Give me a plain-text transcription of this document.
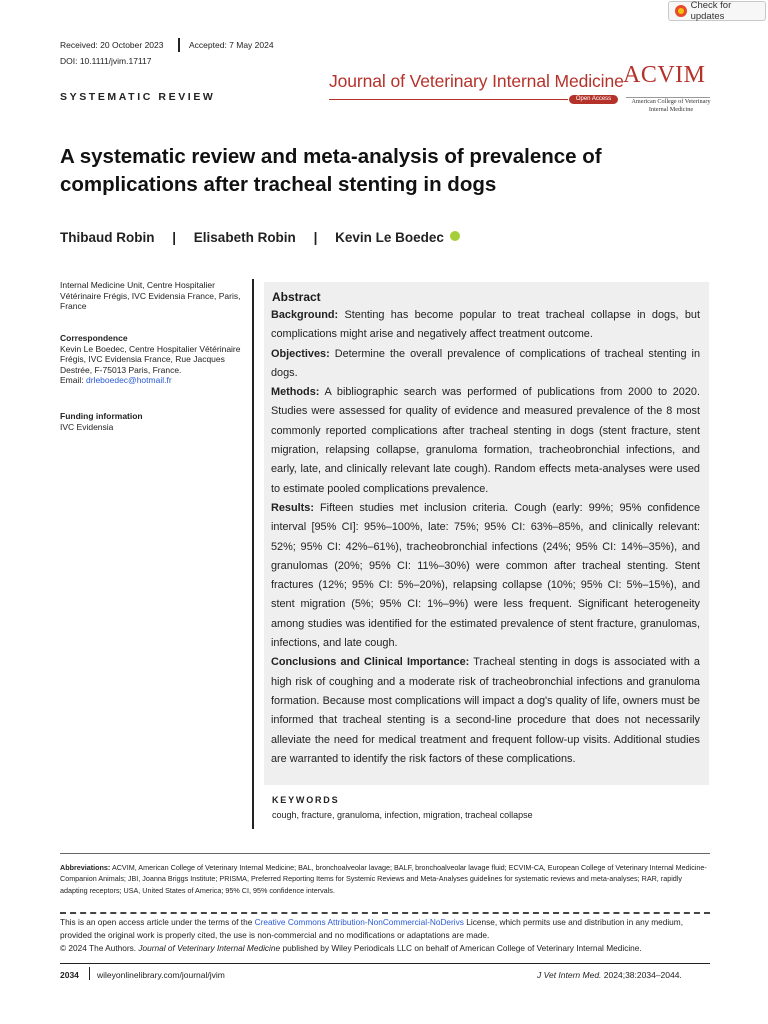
Check for updates
Received: 20 October 2023	Accepted: 7 May 2024
DOI: 10.1111/jvim.17117
Journal of Veterinary Internal Medicine
Open Access
ACVIM
American College of Veterinary Internal Medicine
SYSTEMATIC REVIEW
A systematic review and meta-analysis of prevalence of complications after tracheal stenting in dogs
Thibaud Robin | Elisabeth Robin | Kevin Le Boedec
Internal Medicine Unit, Centre Hospitalier Vétérinaire Frégis, IVC Evidensia France, Paris, France
Correspondence
Kevin Le Boedec, Centre Hospitalier Vétérinaire Frégis, IVC Evidensia France, Rue Jacques Destrée, F-75013 Paris, France.
Email: drleboedec@hotmail.fr
Funding information
IVC Evidensia
Abstract

Background: Stenting has become popular to treat tracheal collapse in dogs, but complications might arise and negatively affect treatment outcome.

Objectives: Determine the overall prevalence of complications of tracheal stenting in dogs.

Methods: A bibliographic search was performed of publications from 2000 to 2020. Studies were assessed for quality of evidence and measured prevalence of the 8 most commonly reported complications after tracheal stenting in dogs (stent fracture, stent migration, relapsing collapse, granuloma formation, tracheobronchial infections, and early, late, and clinically relevant late cough). Random effects meta-analyses were used to estimate pooled complications prevalence.

Results: Fifteen studies met inclusion criteria. Cough (early: 99%; 95% confidence interval [95% CI]: 95%–100%, late: 75%; 95% CI: 63%–85%, and clinically relevant: 52%; 95% CI: 42%–61%), tracheobronchial infections (24%; 95% CI: 14%–35%), and granulomas (20%; 95% CI: 11%–30%) were common after tracheal stenting. Stent fractures (12%; 95% CI: 5%–20%), relapsing collapse (10%; 95% CI: 5%–15%), and stent migration (5%; 95% CI: 1%–9%) were less frequent. Significant heterogeneity among studies was identified for the estimated prevalence of stent fracture, granulomas, infections, and late cough.

Conclusions and Clinical Importance: Tracheal stenting in dogs is associated with a high risk of coughing and a moderate risk of tracheobronchial infections and granuloma formation. Because most complications will impact a dog's quality of life, owners must be informed that tracheal stenting is a second-line procedure that does not necessarily alleviate the need for medical treatment and frequent follow-up visits. Additional studies are warranted to identify the risk factors of these complications.

KEYWORDS
cough, fracture, granuloma, infection, migration, tracheal collapse
Abbreviations: ACVIM, American College of Veterinary Internal Medicine; BAL, bronchoalveolar lavage; BALF, bronchoalveolar lavage fluid; ECVIM-CA, European College of Veterinary Internal Medicine-Companion Animals; JBI, Joanna Briggs Institute; PRISMA, Preferred Reporting Items for Systemic Reviews and Meta-Analyses guidelines for systematic reviews and meta-analyses; RAR, rapidly adapting receptors; USA, United States of America; 95% CI, 95% confidence intervals.
This is an open access article under the terms of the Creative Commons Attribution-NonCommercial-NoDerivs License, which permits use and distribution in any medium, provided the original work is properly cited, the use is non-commercial and no modifications or adaptations are made.
© 2024 The Authors. Journal of Veterinary Internal Medicine published by Wiley Periodicals LLC on behalf of American College of Veterinary Internal Medicine.
2034 wileyonlinelibrary.com/journal/jvim	J Vet Intern Med. 2024;38:2034–2044.
